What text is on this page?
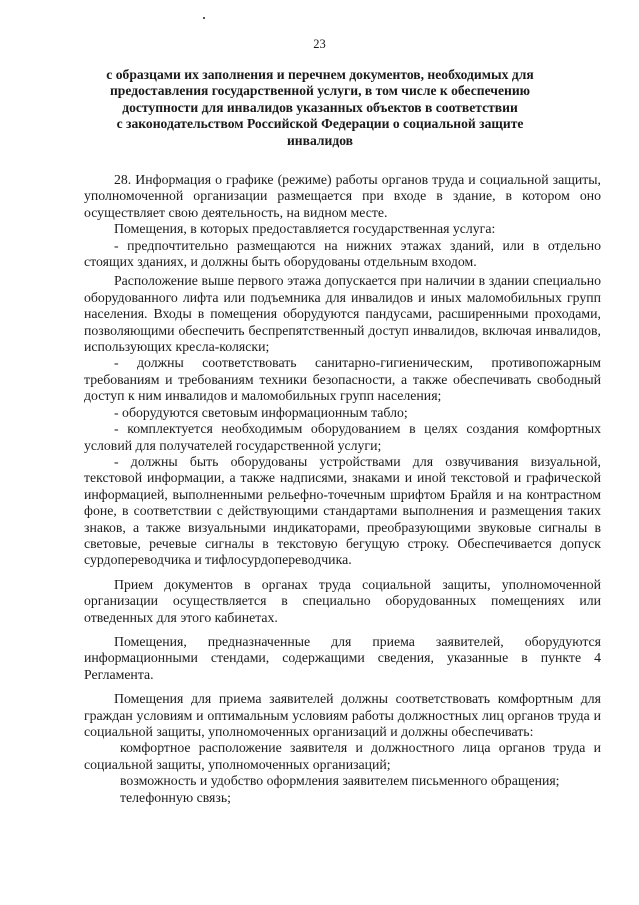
23
с образцами их заполнения и перечнем документов, необходимых для
предоставления государственной услуги, в том числе к обеспечению
доступности для инвалидов указанных объектов в соответствии
с законодательством Российской Федерации о социальной защите
инвалидов

28. Информация о графике (режиме) работы органов труда и социальной защиты, уполномоченной организации размещается при входе в здание, в котором оно осуществляет свою деятельность, на видном месте.

Помещения, в которых предоставляется государственная услуга:

- предпочтительно размещаются на нижних этажах зданий, или в отдельно стоящих зданиях, и должны быть оборудованы отдельным входом.

Расположение выше первого этажа допускается при наличии в здании специально оборудованного лифта или подъемника для инвалидов и иных маломобильных групп населения. Входы в помещения оборудуются пандусами, расширенными проходами, позволяющими обеспечить беспрепятственный доступ инвалидов, включая инвалидов, использующих кресла-коляски;

- должны соответствовать санитарно-гигиеническим, противопожарным требованиям и требованиям техники безопасности, а также обеспечивать свободный доступ к ним инвалидов и маломобильных групп населения;

- оборудуются световым информационным табло;

- комплектуется необходимым оборудованием в целях создания комфортных условий для получателей государственной услуги;

- должны быть оборудованы устройствами для озвучивания визуальной, текстовой информации, а также надписями, знаками и иной текстовой и графической информацией, выполненными рельефно-точечным шрифтом Брайля и на контрастном фоне, в соответствии с действующими стандартами выполнения и размещения таких знаков, а также визуальными индикаторами, преобразующими звуковые сигналы в световые, речевые сигналы в текстовую бегущую строку. Обеспечивается допуск сурдопереводчика и тифлосурдопереводчика.

Прием документов в органах труда социальной защиты, уполномоченной организации осуществляется в специально оборудованных помещениях или отведенных для этого кабинетах.

Помещения, предназначенные для приема заявителей, оборудуются информационными стендами, содержащими сведения, указанные в пункте 4 Регламента.

Помещения для приема заявителей должны соответствовать комфортным для граждан условиям и оптимальным условиям работы должностных лиц органов труда и социальной защиты, уполномоченных организаций и должны обеспечивать:

комфортное расположение заявителя и должностного лица органов труда и социальной защиты, уполномоченных организаций;

возможность и удобство оформления заявителем письменного обращения;

телефонную связь;
